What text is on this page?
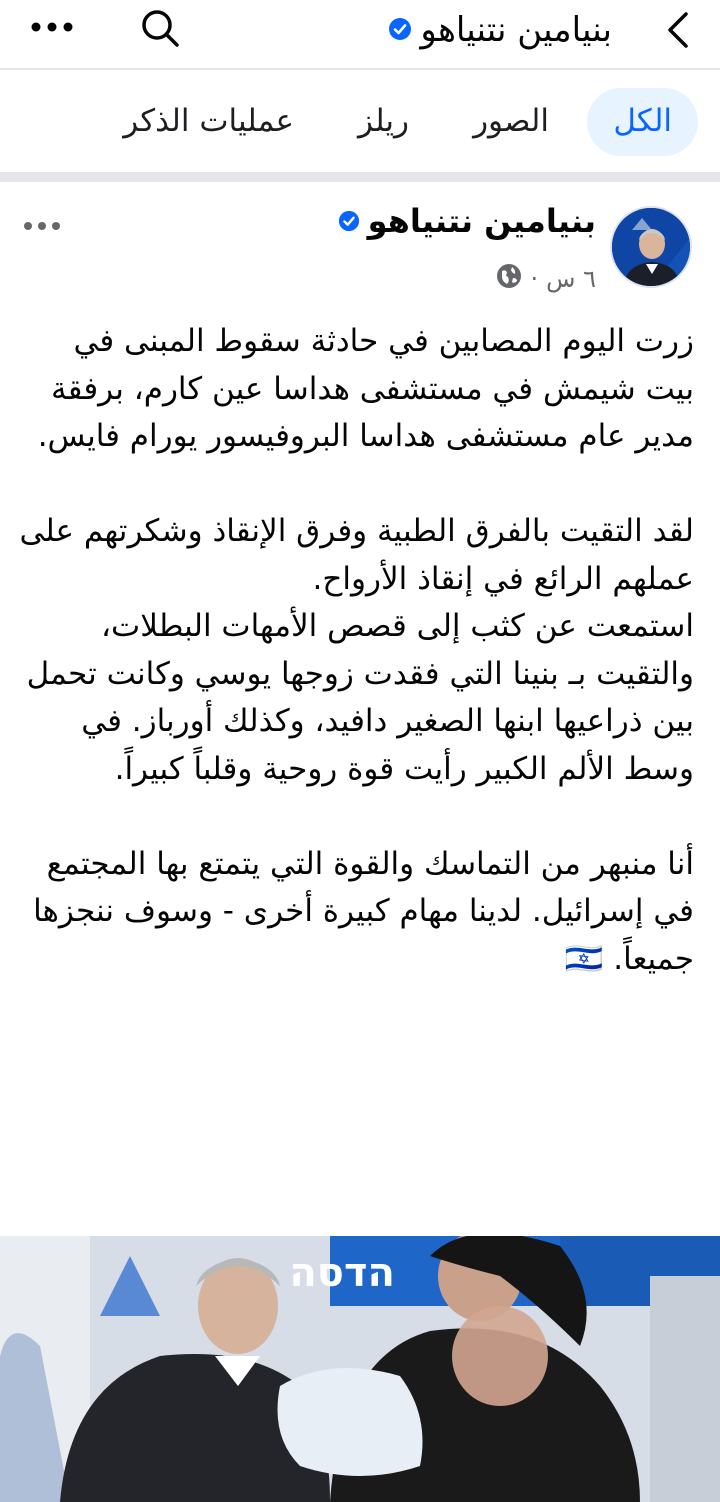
بنيامين نتنياهو
الكل
الصور
ريلز
عمليات الذكر
بنيامين نتنياهو
٦ س
·

زرت اليوم المصابين في حادثة سقوط المبنى في بيت شيمش في مستشفى هداسا عين كارم، برفقة مدير عام مستشفى هداسا البروفيسور يورام فايس.

لقد التقيت بالفرق الطبية وفرق الإنقاذ وشكرتهم على عملهم الرائع في إنقاذ الأرواح.

استمعت عن كثب إلى قصص الأمهات البطلات، والتقيت بـ بنينا التي فقدت زوجها يوسي وكانت تحمل بين ذراعيها ابنها الصغير دافيد، وكذلك أورباز. في وسط الألم الكبير رأيت قوة روحية وقلباً كبيراً.

أنا منبهر من التماسك والقوة التي يتمتع بها المجتمع في إسرائيل. لدينا مهام كبيرة أخرى - وسوف ننجزها جميعاً. 🇮🇱

הדסה
